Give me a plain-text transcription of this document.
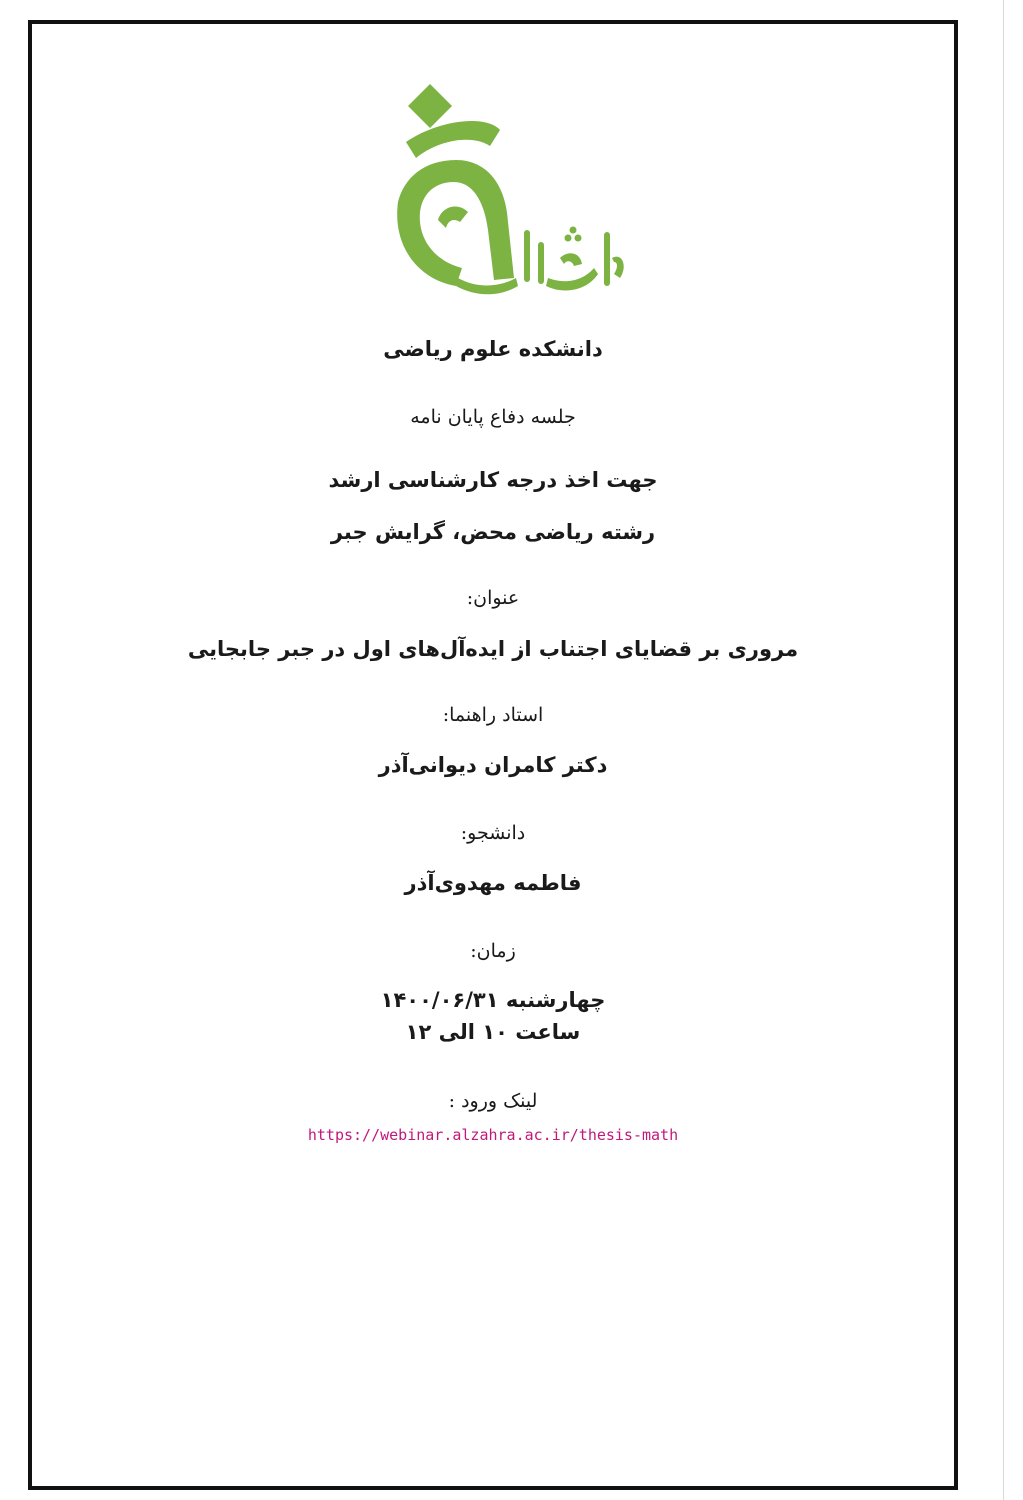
دانشکده علوم ریاضی
جلسه دفاع پایان نامه
جهت اخذ درجه کارشناسی ارشد
رشته ریاضی محض، گرایش جبر
عنوان:
مروری بر قضایای اجتناب از ایده‌آل‌های اول در جبر جابجایی
استاد راهنما:
دکتر کامران دیوانی‌آذر
دانشجو:
فاطمه مهدوی‌آذر
زمان:
چهارشنبه ۱۴۰۰/۰۶/۳۱
ساعت ۱۰ الی ۱۲
لینک ورود :
https://webinar.alzahra.ac.ir/thesis-math
